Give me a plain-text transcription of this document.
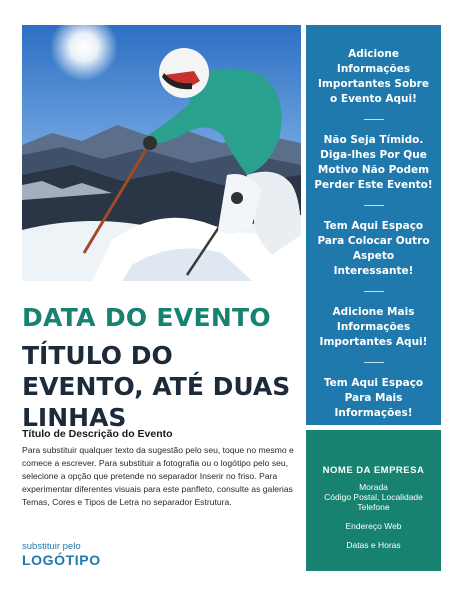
Adicione Informações Importantes Sobre o Evento Aqui!

Não Seja Tímido. Diga-lhes Por Que Motivo Não Podem Perder Este Evento!

Tem Aqui Espaço Para Colocar Outro Aspeto Interessante!

Adicione Mais Informações Importantes Aqui!

Tem Aqui Espaço Para Mais Informações!

DATA DO EVENTO
TÍTULO DO EVENTO, ATÉ DUAS LINHAS
Título de Descrição do Evento
Para substituir qualquer texto da sugestão pelo seu, toque no mesmo e comece a escrever. Para substituir a fotografia ou o logótipo pelo seu, selecione a opção que pretende no separador Inserir no friso. Para experimentar diferentes visuais para este panfleto, consulte as galerias Temas, Cores e Tipos de Letra no separador Estrutura.
NOME DA EMPRESA
Morada
Código Postal, Localidade
Telefone
Endereço Web
Datas e Horas
substituir pelo
LOGÓTIPO
